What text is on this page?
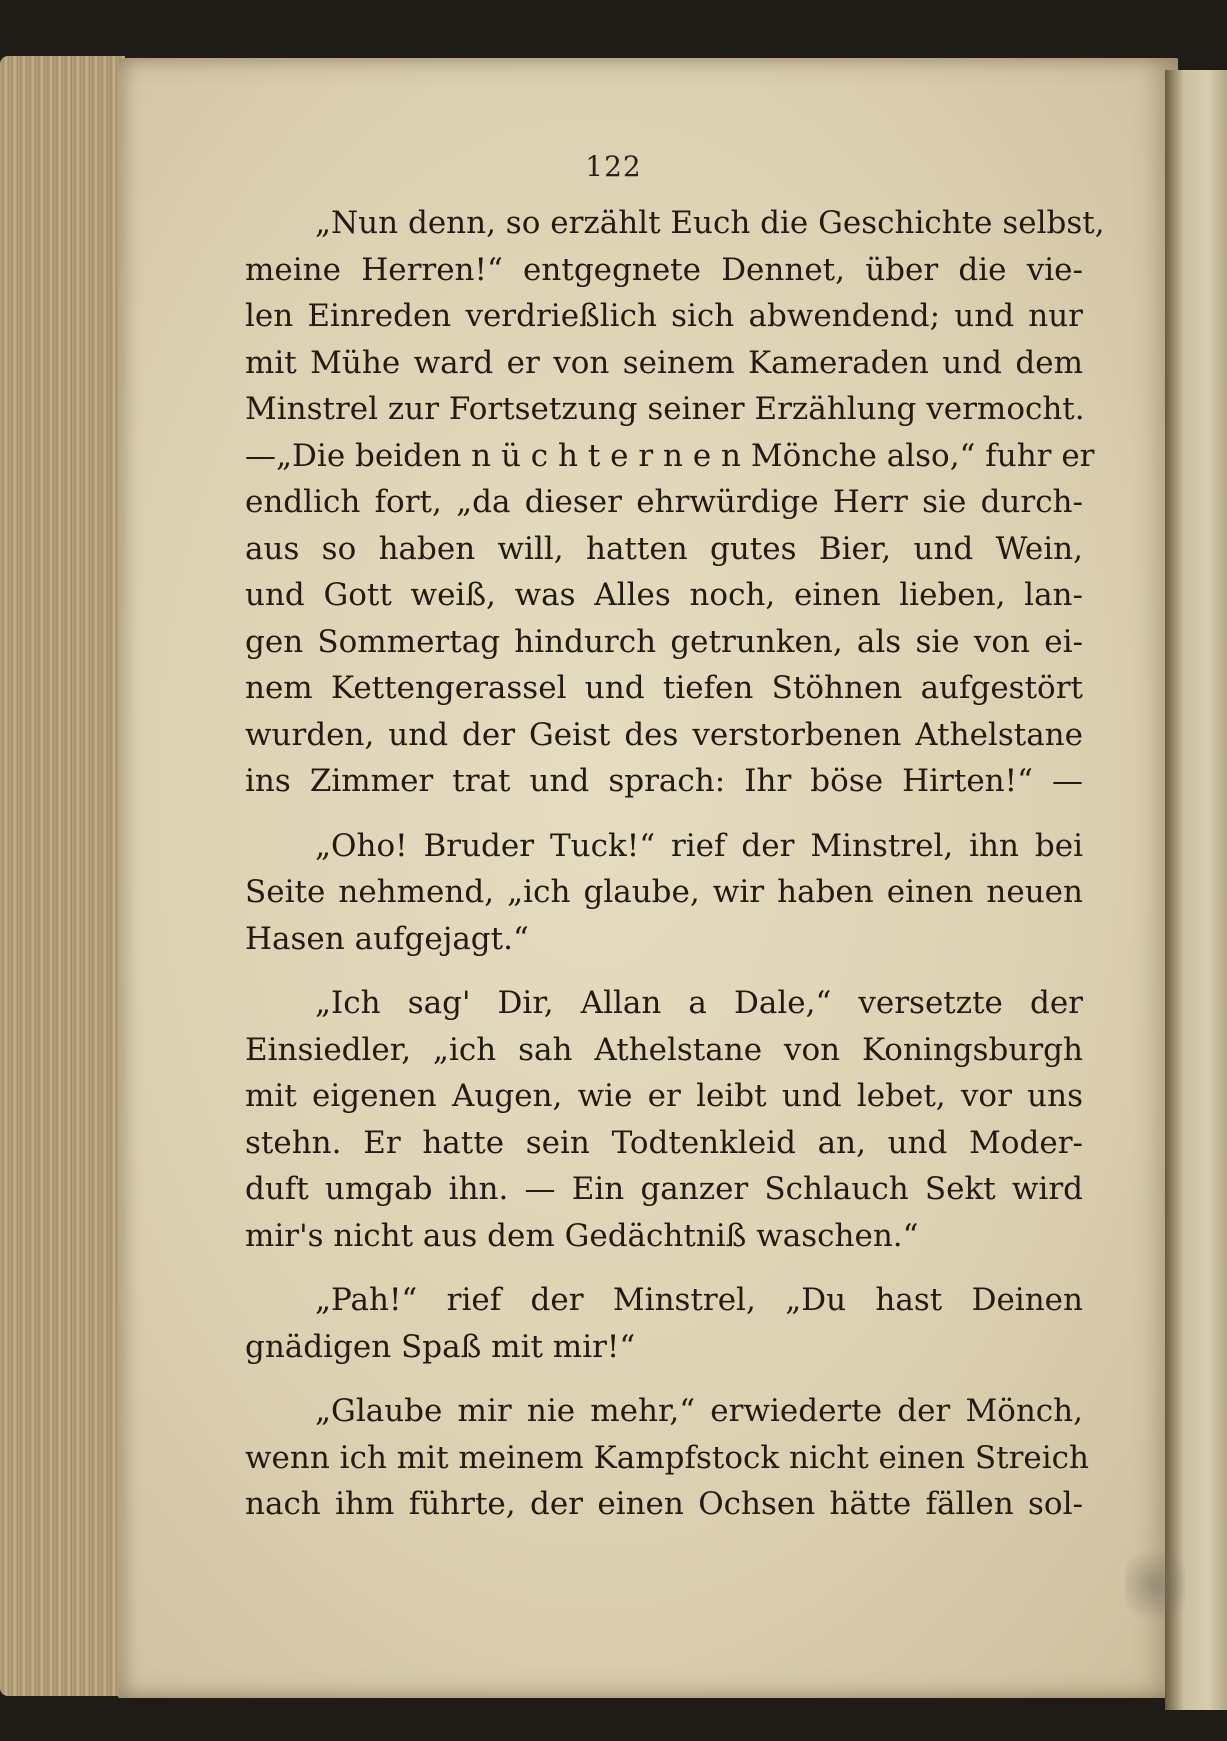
122
„Nun denn, so erzählt Euch die Geschichte selbst,
meine Herren!“ entgegnete Dennet, über die vie-
len Einreden verdrießlich sich abwendend; und nur
mit Mühe ward er von seinem Kameraden und dem
Minstrel zur Fortsetzung seiner Erzählung vermocht.
—„Die beiden n ü c h t e r n e n Mönche also,“ fuhr er
endlich fort, „da dieser ehrwürdige Herr sie durch-
aus so haben will, hatten gutes Bier, und Wein,
und Gott weiß, was Alles noch, einen lieben, lan-
gen Sommertag hindurch getrunken, als sie von ei-
nem Kettengerassel und tiefen Stöhnen aufgestört
wurden, und der Geist des verstorbenen Athelstane
ins Zimmer trat und sprach: Ihr böse Hirten!“ —
„Oho! Bruder Tuck!“ rief der Minstrel, ihn bei
Seite nehmend, „ich glaube, wir haben einen neuen
Hasen aufgejagt.“
„Ich sag' Dir, Allan a Dale,“ versetzte der
Einsiedler, „ich sah Athelstane von Koningsburgh
mit eigenen Augen, wie er leibt und lebet, vor uns
stehn. Er hatte sein Todtenkleid an, und Moder-
duft umgab ihn. — Ein ganzer Schlauch Sekt wird
mir's nicht aus dem Gedächtniß waschen.“
„Pah!“ rief der Minstrel, „Du hast Deinen
gnädigen Spaß mit mir!“
„Glaube mir nie mehr,“ erwiederte der Mönch,
wenn ich mit meinem Kampfstock nicht einen Streich
nach ihm führte, der einen Ochsen hätte fällen sol-
